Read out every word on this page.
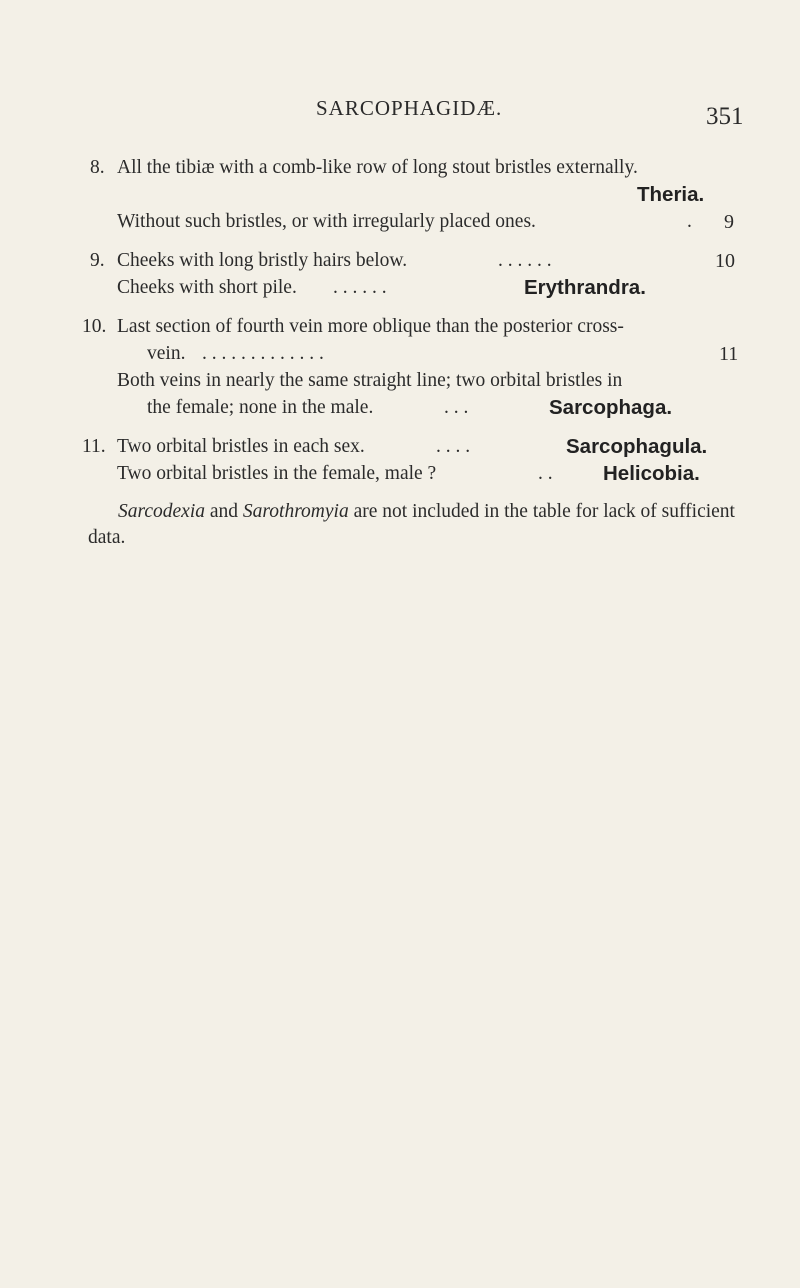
SARCOPHAGIDÆ.	351
8. All the tibiæ with a comb-like row of long stout bristles externally.
Theria.
Without such bristles, or with irregularly placed ones.	. 9
9. Cheeks with long bristly hairs below.	. . . . . .	10
Cheeks with short pile. . . . . . .	Erythrandra.
10. Last section of fourth vein more oblique than the posterior cross-
vein. . . . . . . . . . . . . .	11
Both veins in nearly the same straight line; two orbital bristles in
the female; none in the male.	. . .	Sarcophaga.
11. Two orbital bristles in each sex.	. . . .	Sarcophagula.
Two orbital bristles in the female, male ?	. . Helicobia.
Sarcodexia and Sarothromyia are not included in the table for lack of sufficient data.
